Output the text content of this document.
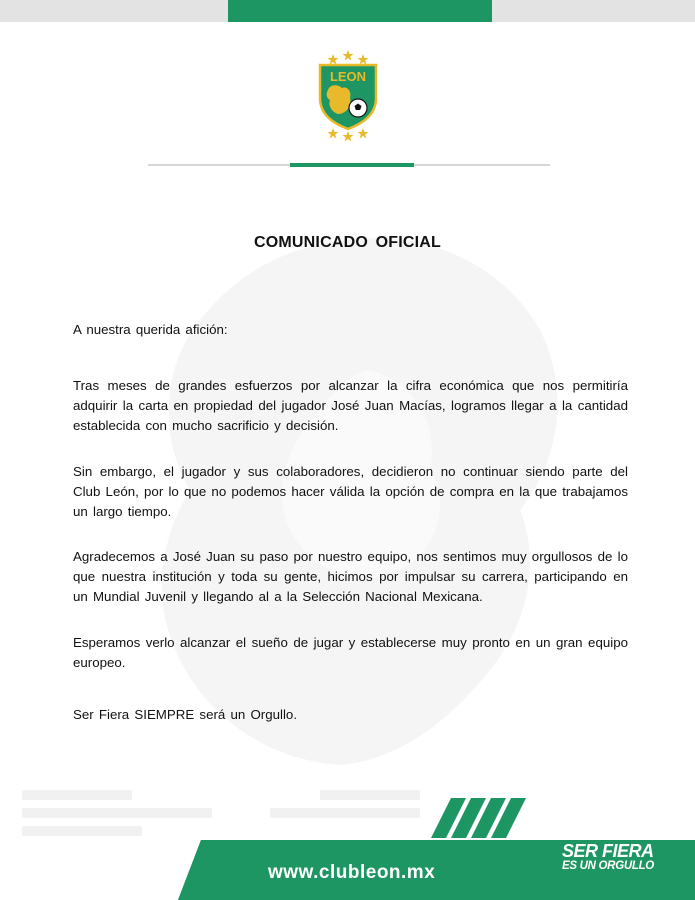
LEON
COMUNICADO OFICIAL

A nuestra querida afición:

Tras meses de grandes esfuerzos por alcanzar la cifra económica que nos permitiría adquirir la carta en propiedad del jugador José Juan Macías, logramos llegar a la cantidad establecida con mucho sacrificio y decisión.

Sin embargo, el jugador y sus colaboradores, decidieron no continuar siendo parte del Club León, por lo que no podemos hacer válida la opción de compra en la que trabajamos un largo tiempo.

Agradecemos a José Juan su paso por nuestro equipo, nos sentimos muy orgullosos de lo que nuestra institución y toda su gente, hicimos por impulsar su carrera, participando en un Mundial Juvenil y llegando al a la Selección Nacional Mexicana.

Esperamos verlo alcanzar el sueño de jugar y establecerse muy pronto en un gran equipo europeo.

Ser Fiera SIEMPRE será un Orgullo.

www.clubleon.mx
SER FIERA
ES UN ORGULLO
